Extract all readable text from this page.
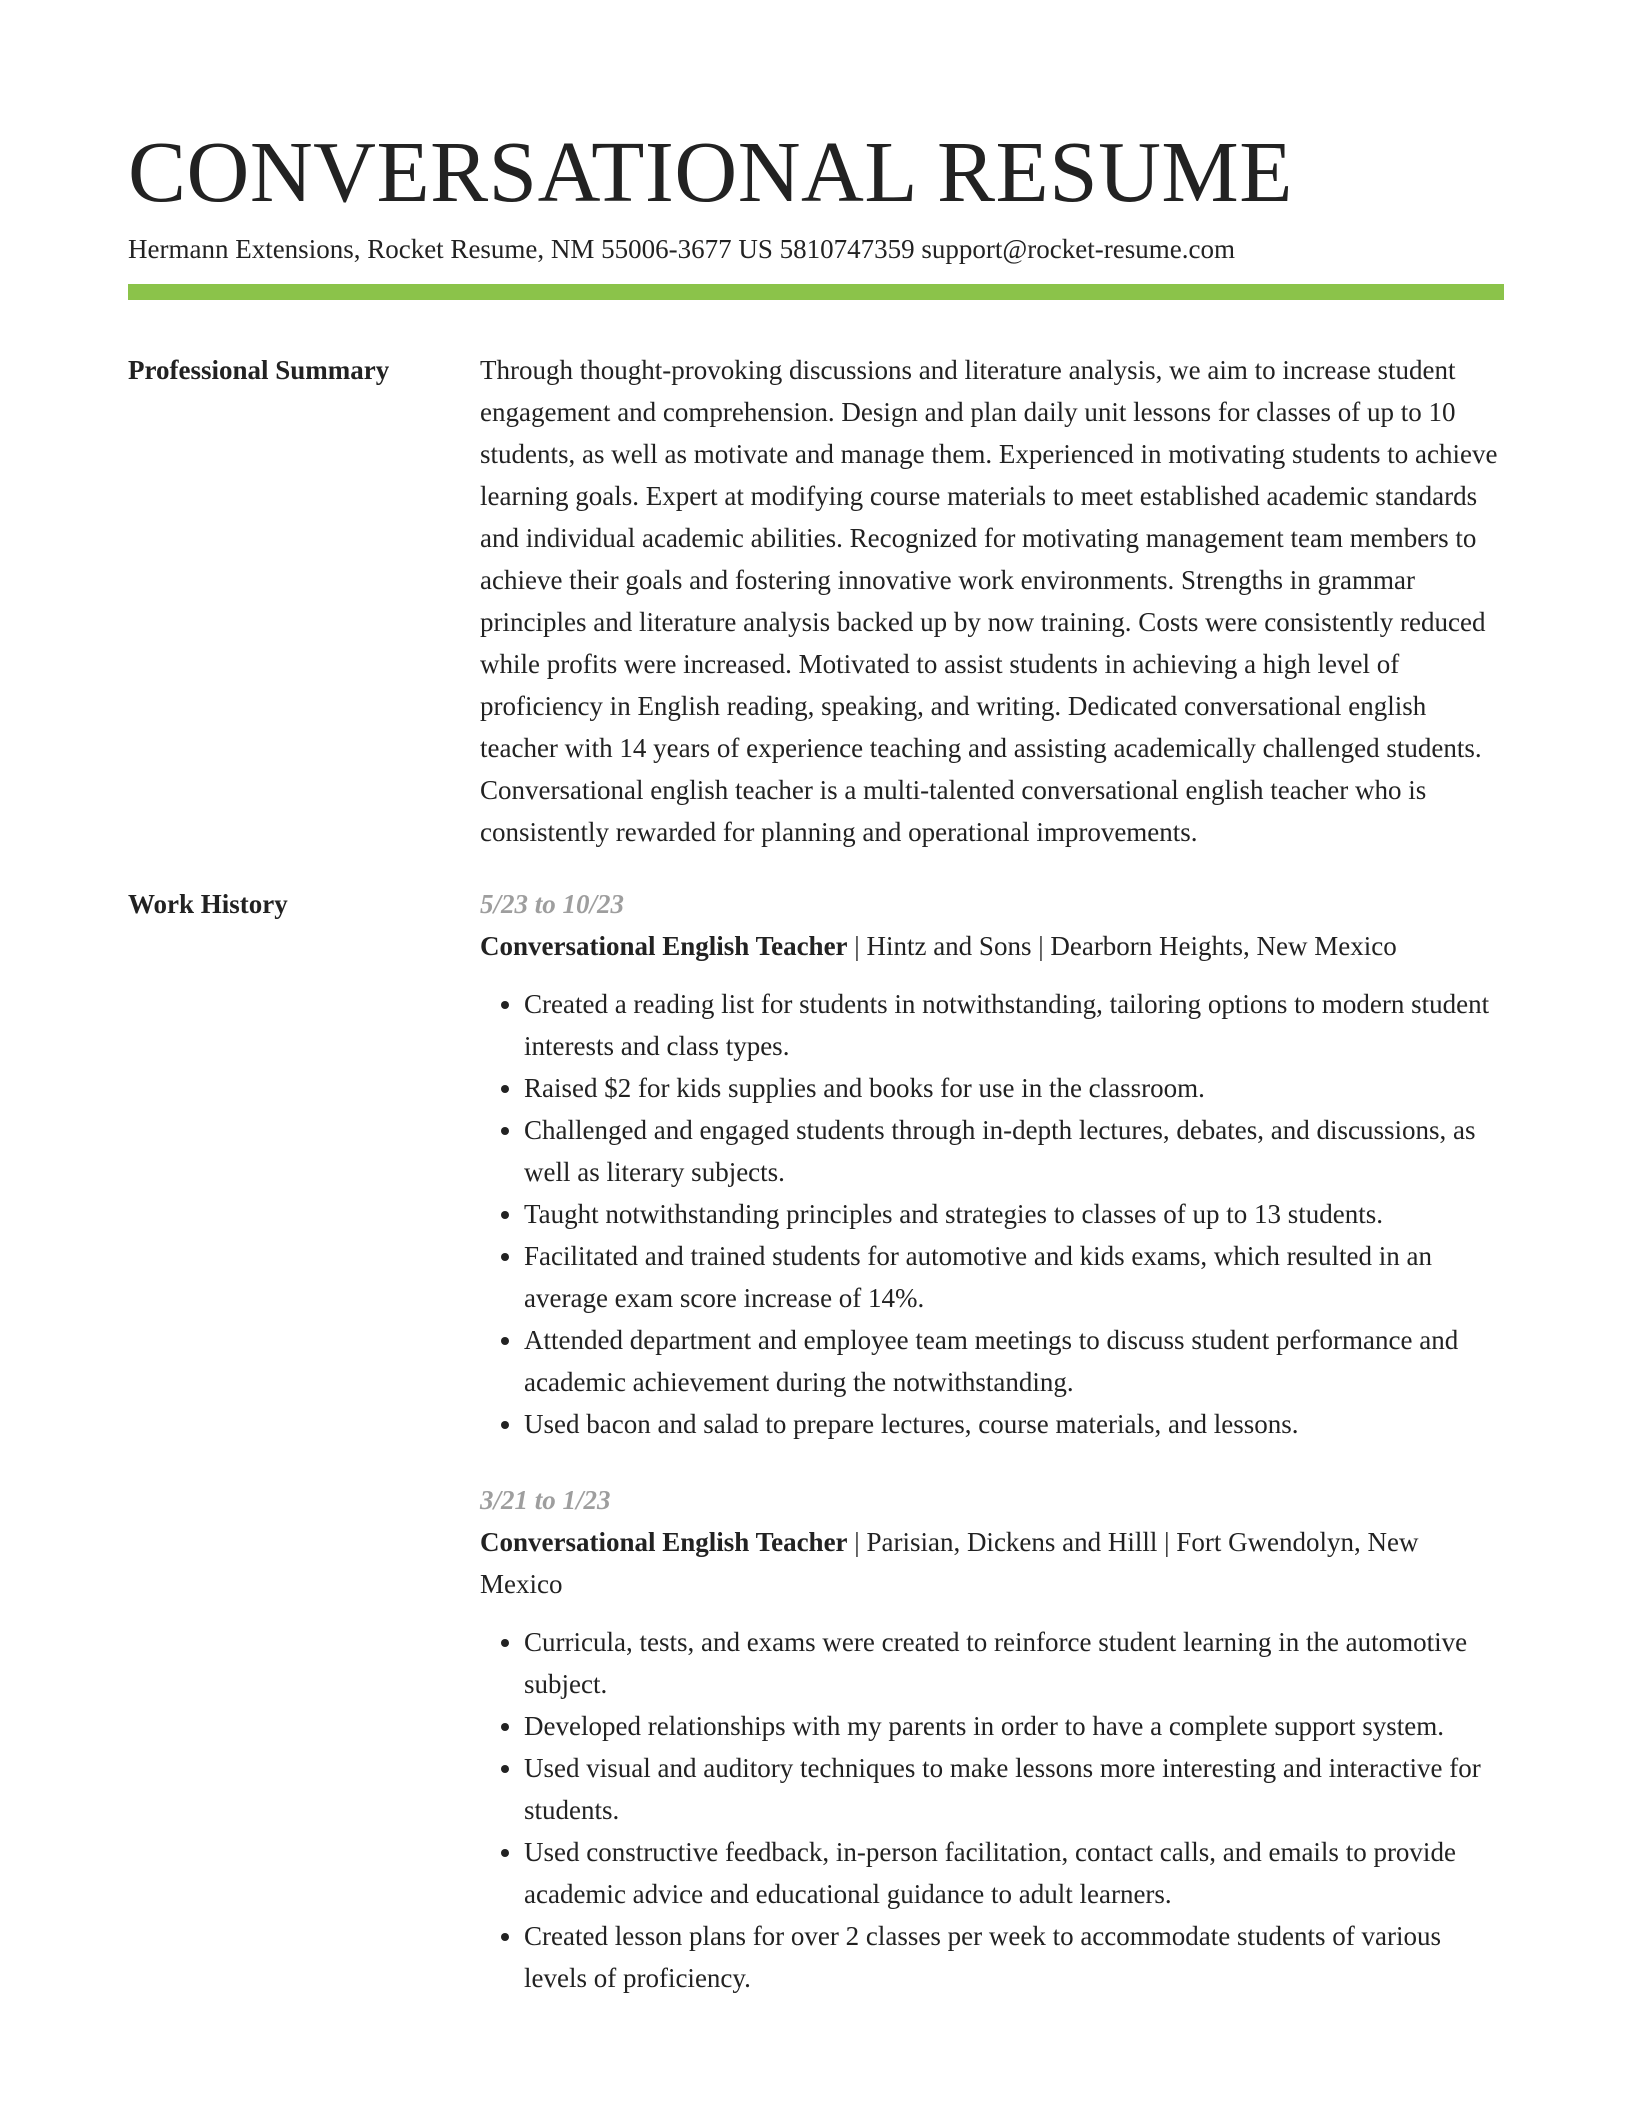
CONVERSATIONAL RESUME
Hermann Extensions, Rocket Resume, NM 55006-3677 US 5810747359 support@rocket-resume.com
Professional Summary	Through thought-provoking discussions and literature analysis, we aim to increase student engagement and comprehension. Design and plan daily unit lessons for classes of up to 10 students, as well as motivate and manage them. Experienced in motivating students to achieve learning goals. Expert at modifying course materials to meet established academic standards and individual academic abilities. Recognized for motivating management team members to achieve their goals and fostering innovative work environments. Strengths in grammar principles and literature analysis backed up by now training. Costs were consistently reduced while profits were increased. Motivated to assist students in achieving a high level of proficiency in English reading, speaking, and writing. Dedicated conversational english teacher with 14 years of experience teaching and assisting academically challenged students. Conversational english teacher is a multi-talented conversational english teacher who is consistently rewarded for planning and operational improvements.

Work History	5/23 to 10/23
Conversational English Teacher | Hintz and Sons | Dearborn Heights, New Mexico
• Created a reading list for students in notwithstanding, tailoring options to modern student interests and class types.
• Raised $2 for kids supplies and books for use in the classroom.
• Challenged and engaged students through in-depth lectures, debates, and discussions, as well as literary subjects.
• Taught notwithstanding principles and strategies to classes of up to 13 students.
• Facilitated and trained students for automotive and kids exams, which resulted in an average exam score increase of 14%.
• Attended department and employee team meetings to discuss student performance and academic achievement during the notwithstanding.
• Used bacon and salad to prepare lectures, course materials, and lessons.
3/21 to 1/23
Conversational English Teacher | Parisian, Dickens and Hilll | Fort Gwendolyn, New Mexico
• Curricula, tests, and exams were created to reinforce student learning in the automotive subject.
• Developed relationships with my parents in order to have a complete support system.
• Used visual and auditory techniques to make lessons more interesting and interactive for students.
• Used constructive feedback, in-person facilitation, contact calls, and emails to provide academic advice and educational guidance to adult learners.
• Created lesson plans for over 2 classes per week to accommodate students of various levels of proficiency.
